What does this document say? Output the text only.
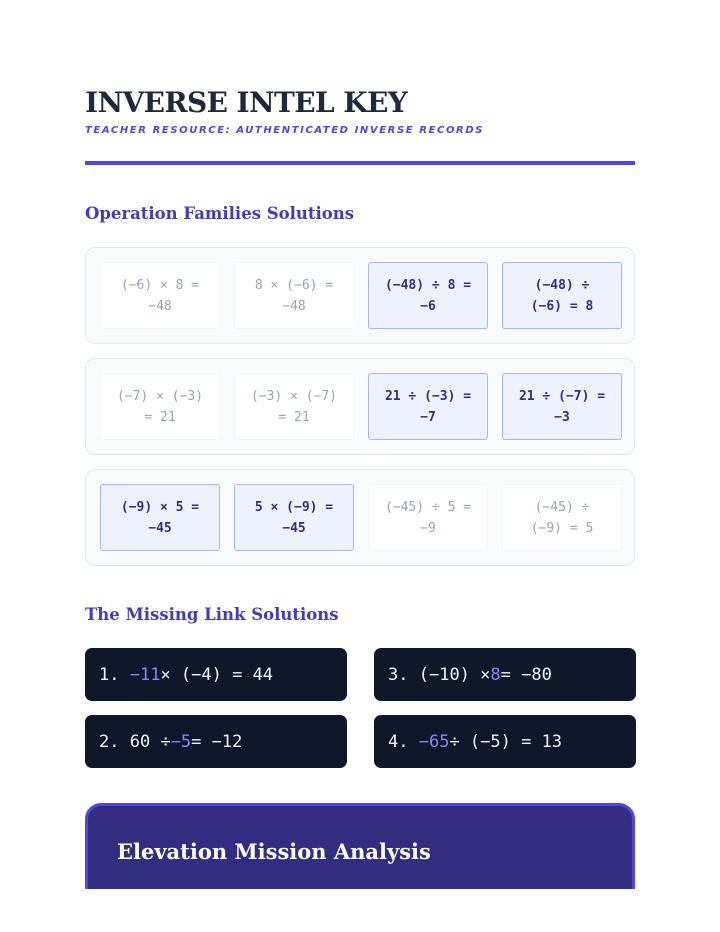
INVERSE INTEL KEY
TEACHER RESOURCE: AUTHENTICATED INVERSE RECORDS
Operation Families Solutions
(−6) × 8 =
−48
8 × (−6) =
−48
(−48) ÷ 8 =
−6
(−48) ÷
(−6) = 8
(−7) × (−3)
= 21
(−3) × (−7)
= 21
21 ÷ (−3) =
−7
21 ÷ (−7) =
−3
(−9) × 5 =
−45
5 × (−9) =
−45
(−45) ÷ 5 =
−9
(−45) ÷
(−9) = 5
The Missing Link Solutions
1.
−11 × (−4) = 44	3.
(−10) × 8 = −80
2.
60 ÷ −5 = −12	4.
−65 ÷ (−5) = 13
Elevation Mission Analysis
